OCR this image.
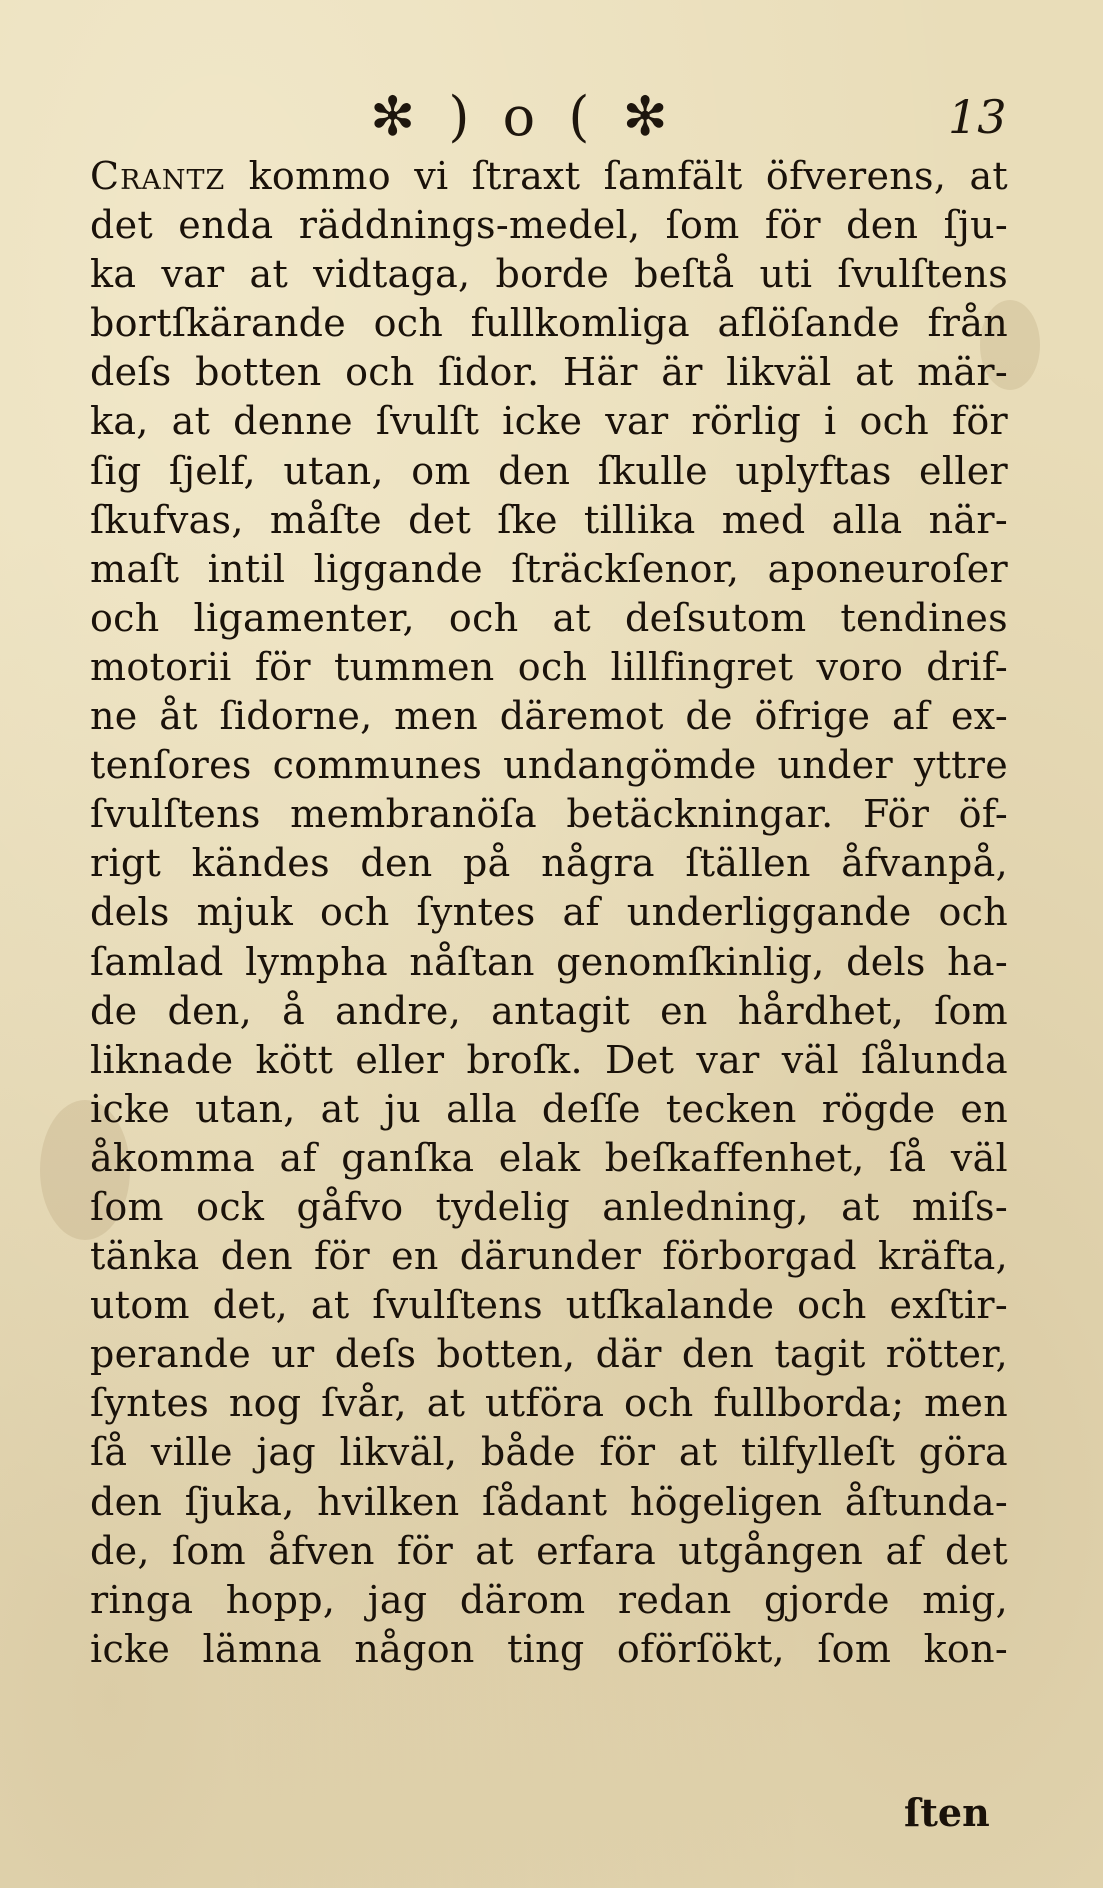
✻ ) o ( ✻	13
Crantz kommo vi ſtraxt ſamfält öfverens, at
det enda räddnings-medel, ſom för den ſju-
ka var at vidtaga, borde beſtå uti ſvulſtens
bortſkärande och fullkomliga aflöſande från
deſs botten och ſidor. Här är likväl at mär-
ka, at denne ſvulſt icke var rörlig i och för
ſig ſjelf, utan, om den ſkulle uplyftas eller
ſkufvas, måſte det ſke tillika med alla när-
maſt intil liggande ſträckſenor, aponeuroſer
och ligamenter, och at deſsutom tendines
motorii för tummen och lillfingret voro drif-
ne åt ſidorne, men däremot de öfrige af ex-
tenſores communes undangömde under yttre
ſvulſtens membranöſa betäckningar. För öf-
rigt kändes den på några ſtällen åfvanpå,
dels mjuk och ſyntes af underliggande och
ſamlad lympha nåſtan genomſkinlig, dels ha-
de den, å andre, antagit en hårdhet, ſom
liknade kött eller broſk. Det var väl ſålunda
icke utan, at ju alla deſſe tecken rögde en
åkomma af ganſka elak beſkaffenhet, ſå väl
ſom ock gåfvo tydelig anledning, at miſs-
tänka den för en därunder förborgad kräfta,
utom det, at ſvulſtens utſkalande och exſtir-
perande ur deſs botten, där den tagit rötter,
ſyntes nog ſvår, at utföra och fullborda; men
ſå ville jag likväl, både för at tilfylleſt göra
den ſjuka, hvilken ſådant högeligen åſtunda-
de, ſom åfven för at erfara utgången af det
ringa hopp, jag därom redan gjorde mig,
icke lämna någon ting oförſökt, ſom kon-
ſten
